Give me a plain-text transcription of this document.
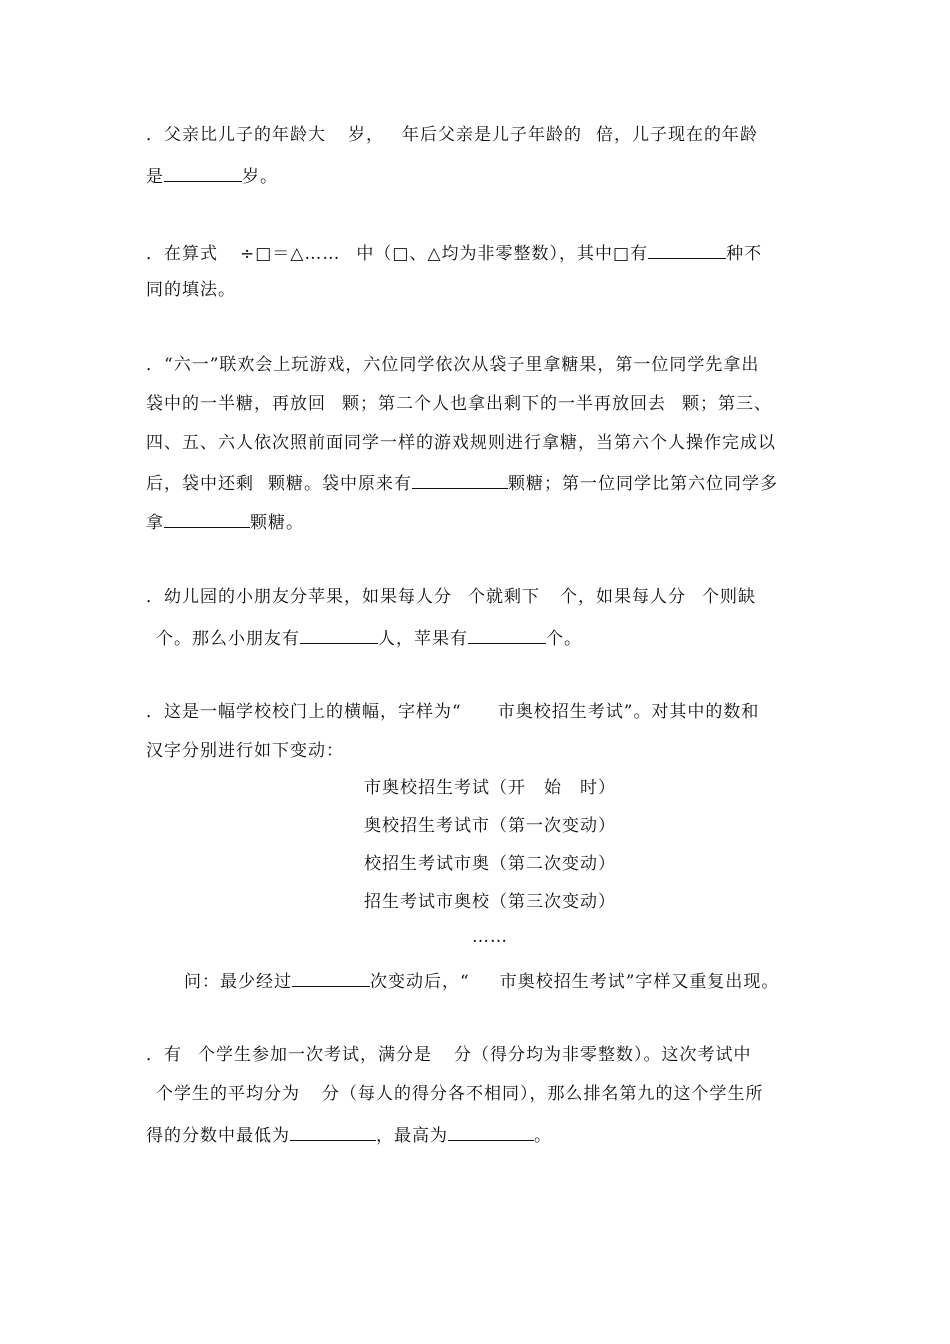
．父亲比儿子的年龄大 岁， 年后父亲是儿子年龄的 倍，儿子现在的年龄
是	岁。
．在算式 ÷□＝△…… 中（□、△均为非零整数），其中□有	种不
同的填法。
．“六一”联欢会上玩游戏，六位同学依次从袋子里拿糖果，第一位同学先拿出
袋中的一半糖，再放回 颗；第二个人也拿出剩下的一半再放回去 颗；第三、
四、五、六人依次照前面同学一样的游戏规则进行拿糖，当第六个人操作完成以
后，袋中还剩 颗糖。袋中原来有	颗糖；第一位同学比第六位同学多
拿	颗糖。
．幼儿园的小朋友分苹果，如果每人分 个就剩下 个，如果每人分 个则缺
个。那么小朋友有	人，苹果有	个。
．这是一幅学校校门上的横幅，字样为“ 市奥校招生考试”。对其中的数和
汉字分别进行如下变动：
市奥校招生考试（开　始　时）
奥校招生考试市（第一次变动）
校招生考试市奥（第二次变动）
招生考试市奥校（第三次变动）
……
问：最少经过	次变动后，“ 市奥校招生考试”字样又重复出现。
．有 个学生参加一次考试，满分是 分（得分均为非零整数）。这次考试中
个学生的平均分为 分（每人的得分各不相同），那么排名第九的这个学生所
得的分数中最低为	，最高为	。
